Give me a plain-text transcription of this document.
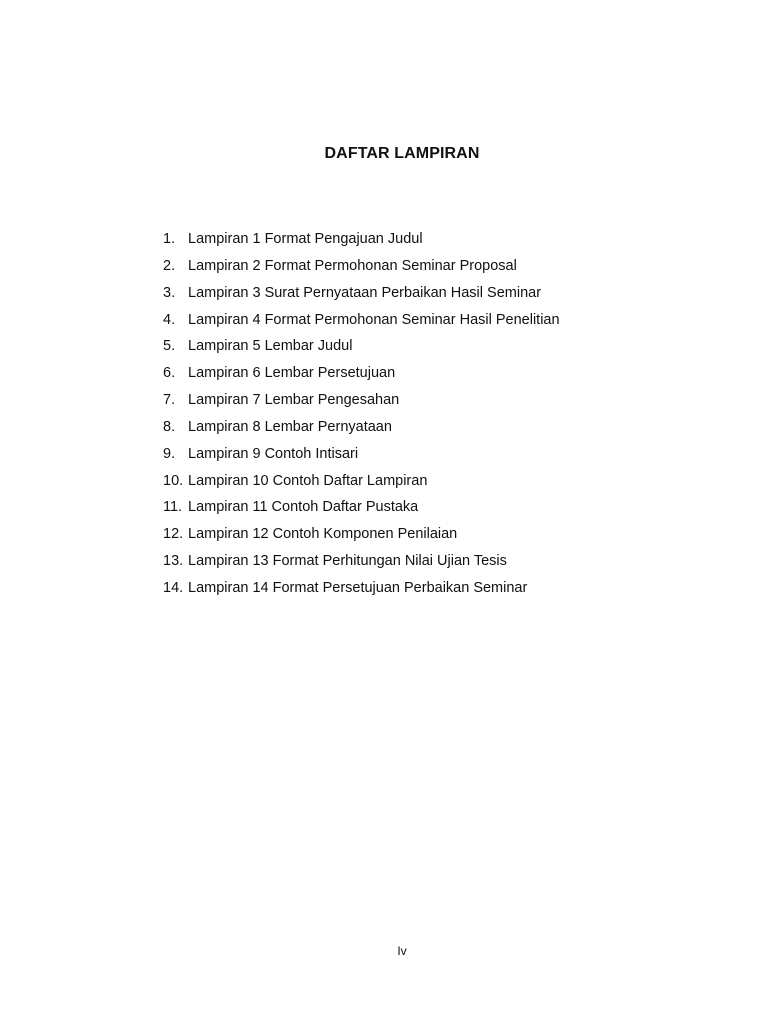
DAFTAR LAMPIRAN
1. Lampiran 1 Format Pengajuan Judul
2. Lampiran 2 Format Permohonan Seminar Proposal
3. Lampiran 3 Surat Pernyataan Perbaikan Hasil Seminar
4. Lampiran 4 Format Permohonan Seminar Hasil Penelitian
5. Lampiran 5 Lembar Judul
6. Lampiran 6 Lembar Persetujuan
7. Lampiran 7 Lembar Pengesahan
8. Lampiran 8 Lembar Pernyataan
9. Lampiran 9 Contoh Intisari
10. Lampiran 10 Contoh Daftar Lampiran
11. Lampiran 11 Contoh Daftar Pustaka
12. Lampiran 12 Contoh Komponen Penilaian
13. Lampiran 13 Format Perhitungan Nilai Ujian Tesis
14. Lampiran 14 Format Persetujuan Perbaikan Seminar
Iv
